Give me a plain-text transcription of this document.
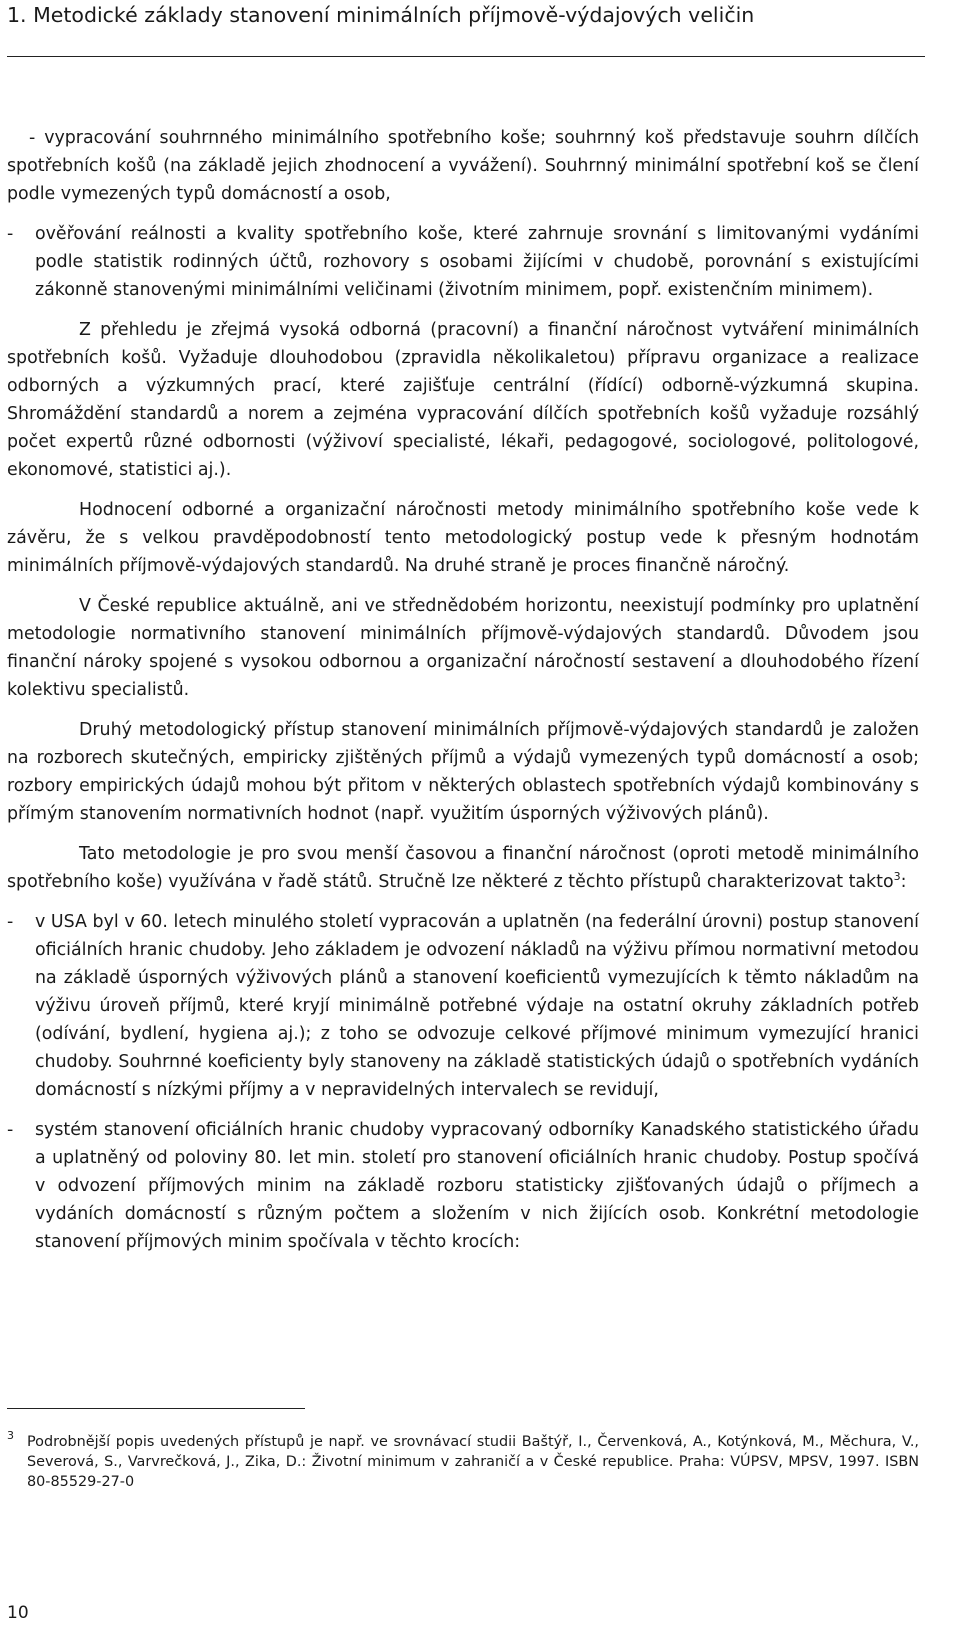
1. Metodické základy stanovení minimálních příjmově-výdajových veličin

- vypracování souhrnného minimálního spotřebního koše; souhrnný koš představuje souhrn dílčích spotřebních košů (na základě jejich zhodnocení a vyvážení). Souhrnný minimální spotřební koš se člení podle vymezených typů domácností a osob,

-	ověřování reálnosti a kvality spotřebního koše, které zahrnuje srovnání s limitovanými vydáními podle statistik rodinných účtů, rozhovory s osobami žijícími v chudobě, porovnání s existujícími zákonně stanovenými minimálními veličinami (životním minimem, popř. existenčním minimem).

Z přehledu je zřejmá vysoká odborná (pracovní) a finanční náročnost vytváření minimálních spotřebních košů. Vyžaduje dlouhodobou (zpravidla několikaletou) přípravu organizace a realizace odborných a výzkumných prací, které zajišťuje centrální (řídící) odborně-výzkumná skupina. Shromáždění standardů a norem a zejména vypracování dílčích spotřebních košů vyžaduje rozsáhlý počet expertů různé odbornosti (výživoví specialisté, lékaři, pedagogové, sociologové, politologové, ekonomové, statistici aj.).

Hodnocení odborné a organizační náročnosti metody minimálního spotřebního koše vede k závěru, že s velkou pravděpodobností tento metodologický postup vede k přesným hodnotám minimálních příjmově-výdajových standardů. Na druhé straně je proces finančně náročný.

V České republice aktuálně, ani ve střednědobém horizontu, neexistují podmínky pro uplatnění metodologie normativního stanovení minimálních příjmově-výdajových standardů. Důvodem jsou finanční nároky spojené s vysokou odbornou a organizační náročností sestavení a dlouhodobého řízení kolektivu specialistů.

Druhý metodologický přístup stanovení minimálních příjmově-výdajových standardů je založen na rozborech skutečných, empiricky zjištěných příjmů a výdajů vymezených typů domácností a osob; rozbory empirických údajů mohou být přitom v některých oblastech spotřebních výdajů kombinovány s přímým stanovením normativních hodnot (např. využitím úsporných výživových plánů).

Tato metodologie je pro svou menší časovou a finanční náročnost (oproti metodě minimálního spotřebního koše) využívána v řadě států. Stručně lze některé z těchto přístupů charakterizovat takto$^3$:

-	v USA byl v 60. letech minulého století vypracován a uplatněn (na federální úrovni) postup stanovení oficiálních hranic chudoby. Jeho základem je odvození nákladů na výživu přímou normativní metodou na základě úsporných výživových plánů a stanovení koeficientů vymezujících k těmto nákladům na výživu úroveň příjmů, které kryjí minimálně potřebné výdaje na ostatní okruhy základních potřeb (odívání, bydlení, hygiena aj.); z toho se odvozuje celkové příjmové minimum vymezující hranici chudoby. Souhrnné koeficienty byly stanoveny na základě statistických údajů o spotřebních vydáních domácností s nízkými příjmy a v nepravidelných intervalech se revidují,

-	systém stanovení oficiálních hranic chudoby vypracovaný odborníky Kanadského statistického úřadu a uplatněný od poloviny 80. let min. století pro stanovení oficiálních hranic chudoby. Postup spočívá v odvození příjmových minim na základě rozboru statisticky zjišťovaných údajů o příjmech a vydáních domácností s různým počtem a složením v nich žijících osob. Konkrétní metodologie stanovení příjmových minim spočívala v těchto krocích:

3 Podrobnější popis uvedených přístupů je např. ve srovnávací studii Baštýř, I., Červenková, A., Kotýnková, M., Měchura, V., Severová, S., Varvrečková, J., Zika, D.: Životní minimum v zahraničí a v České republice. Praha: VÚPSV, MPSV, 1997. ISBN 80-85529-27-0
10
